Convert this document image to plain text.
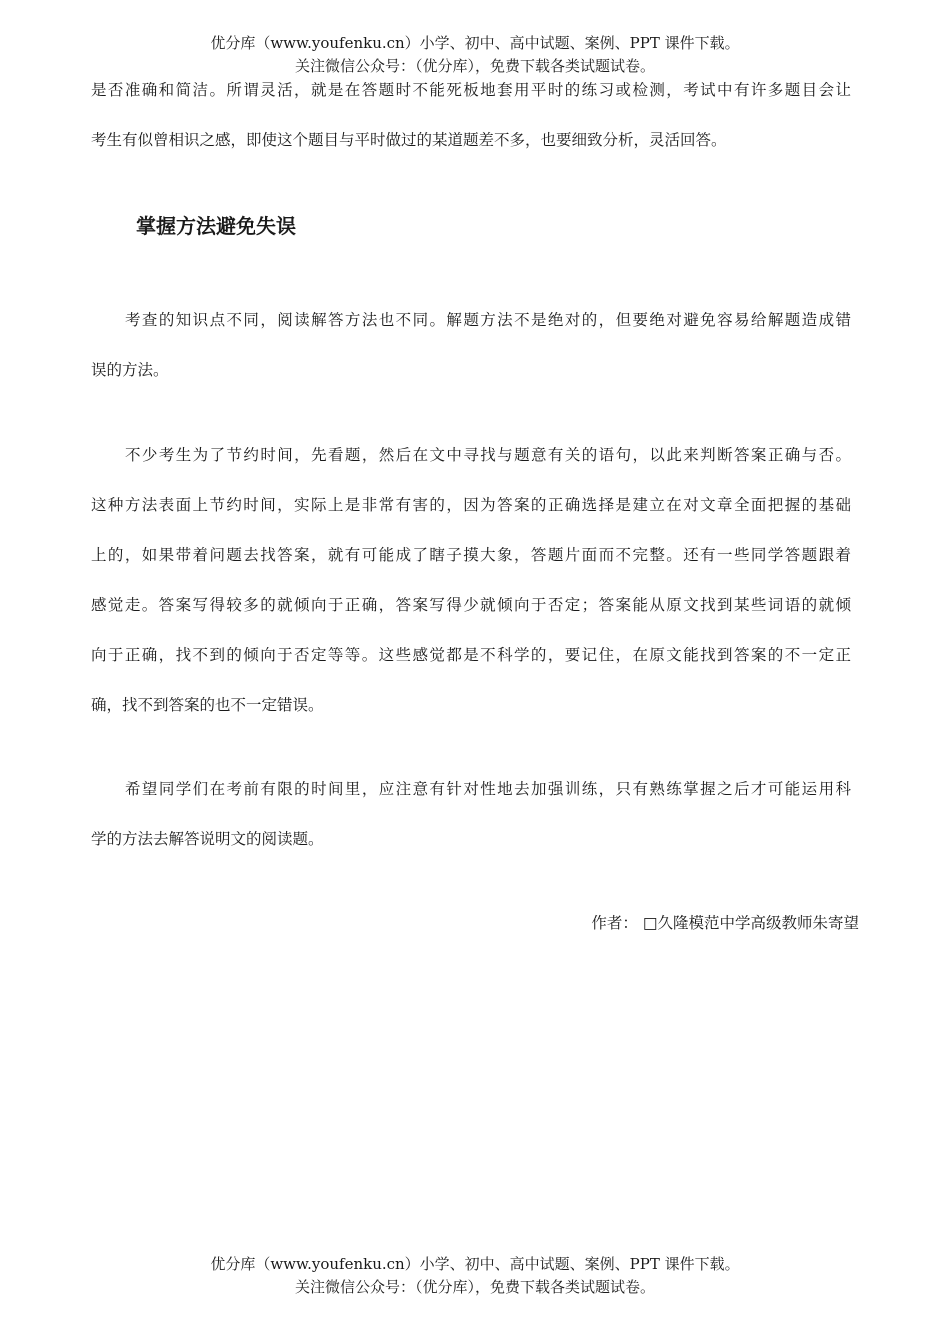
优分库（www.youfenku.cn）小学、初中、高中试题、案例、PPT 课件下载。
关注微信公众号：（优分库），免费下载各类试题试卷。
是否准确和简洁。所谓灵活，就是在答题时不能死板地套用平时的练习或检测，考试中有许多题目会让
考生有似曾相识之感，即使这个题目与平时做过的某道题差不多，也要细致分析，灵活回答。
掌握方法避免失误
考查的知识点不同，阅读解答方法也不同。解题方法不是绝对的，但要绝对避免容易给解题造成错
误的方法。
不少考生为了节约时间，先看题，然后在文中寻找与题意有关的语句，以此来判断答案正确与否。
这种方法表面上节约时间，实际上是非常有害的，因为答案的正确选择是建立在对文章全面把握的基础
上的，如果带着问题去找答案，就有可能成了瞎子摸大象，答题片面而不完整。还有一些同学答题跟着
感觉走。答案写得较多的就倾向于正确，答案写得少就倾向于否定；答案能从原文找到某些词语的就倾
向于正确，找不到的倾向于否定等等。这些感觉都是不科学的，要记住，在原文能找到答案的不一定正
确，找不到答案的也不一定错误。
希望同学们在考前有限的时间里，应注意有针对性地去加强训练，只有熟练掌握之后才可能运用科
学的方法去解答说明文的阅读题。
作者： □久隆模范中学高级教师朱寄望
优分库（www.youfenku.cn）小学、初中、高中试题、案例、PPT 课件下载。
关注微信公众号：（优分库），免费下载各类试题试卷。
